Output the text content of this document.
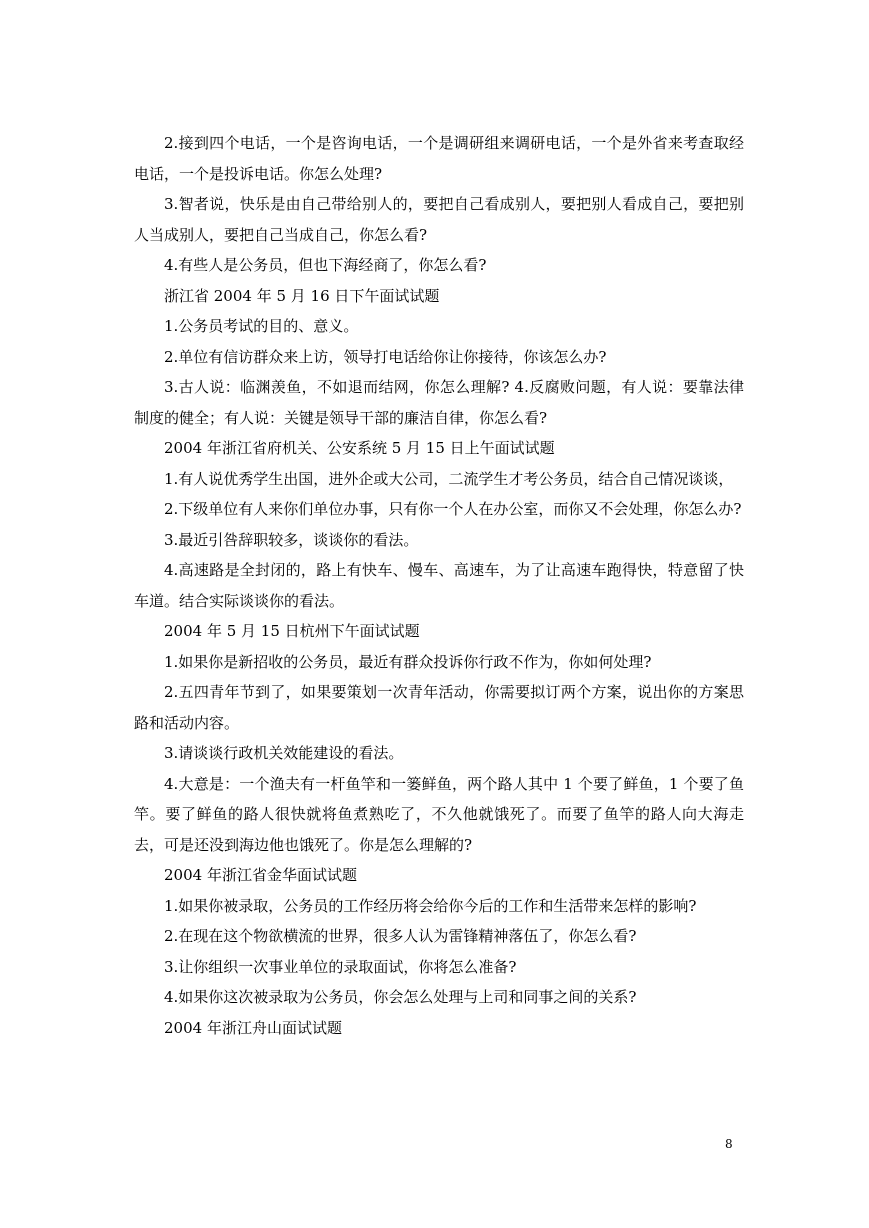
2.接到四个电话，一个是咨询电话，一个是调研组来调研电话，一个是外省来考查取经电话，一个是投诉电话。你怎么处理?

3.智者说，快乐是由自己带给别人的，要把自己看成别人，要把别人看成自己，要把别人当成别人，要把自己当成自己，你怎么看?

4.有些人是公务员，但也下海经商了，你怎么看?

浙江省 2004 年 5 月 16 日下午面试试题

1.公务员考试的目的、意义。

2.单位有信访群众来上访，领导打电话给你让你接待，你该怎么办?

3.古人说：临渊羡鱼，不如退而结网，你怎么理解? 4.反腐败问题，有人说：要靠法律制度的健全；有人说：关键是领导干部的廉洁自律，你怎么看?

2004 年浙江省府机关、公安系统 5 月 15 日上午面试试题

1.有人说优秀学生出国，进外企或大公司，二流学生才考公务员，结合自己情况谈谈，

2.下级单位有人来你们单位办事，只有你一个人在办公室，而你又不会处理，你怎么办?

3.最近引咎辞职较多，谈谈你的看法。

4.高速路是全封闭的，路上有快车、慢车、高速车，为了让高速车跑得快，特意留了快车道。结合实际谈谈你的看法。

2004 年 5 月 15 日杭州下午面试试题

1.如果你是新招收的公务员，最近有群众投诉你行政不作为，你如何处理?

2.五四青年节到了，如果要策划一次青年活动，你需要拟订两个方案，说出你的方案思路和活动内容。

3.请谈谈行政机关效能建设的看法。

4.大意是：一个渔夫有一杆鱼竿和一篓鲜鱼，两个路人其中 1 个要了鲜鱼，1 个要了鱼竿。要了鲜鱼的路人很快就将鱼煮熟吃了，不久他就饿死了。而要了鱼竿的路人向大海走去，可是还没到海边他也饿死了。你是怎么理解的?

2004 年浙江省金华面试试题

1.如果你被录取，公务员的工作经历将会给你今后的工作和生活带来怎样的影响?

2.在现在这个物欲横流的世界，很多人认为雷锋精神落伍了，你怎么看?

3.让你组织一次事业单位的录取面试，你将怎么准备?

4.如果你这次被录取为公务员，你会怎么处理与上司和同事之间的关系?

2004 年浙江舟山面试试题

8
